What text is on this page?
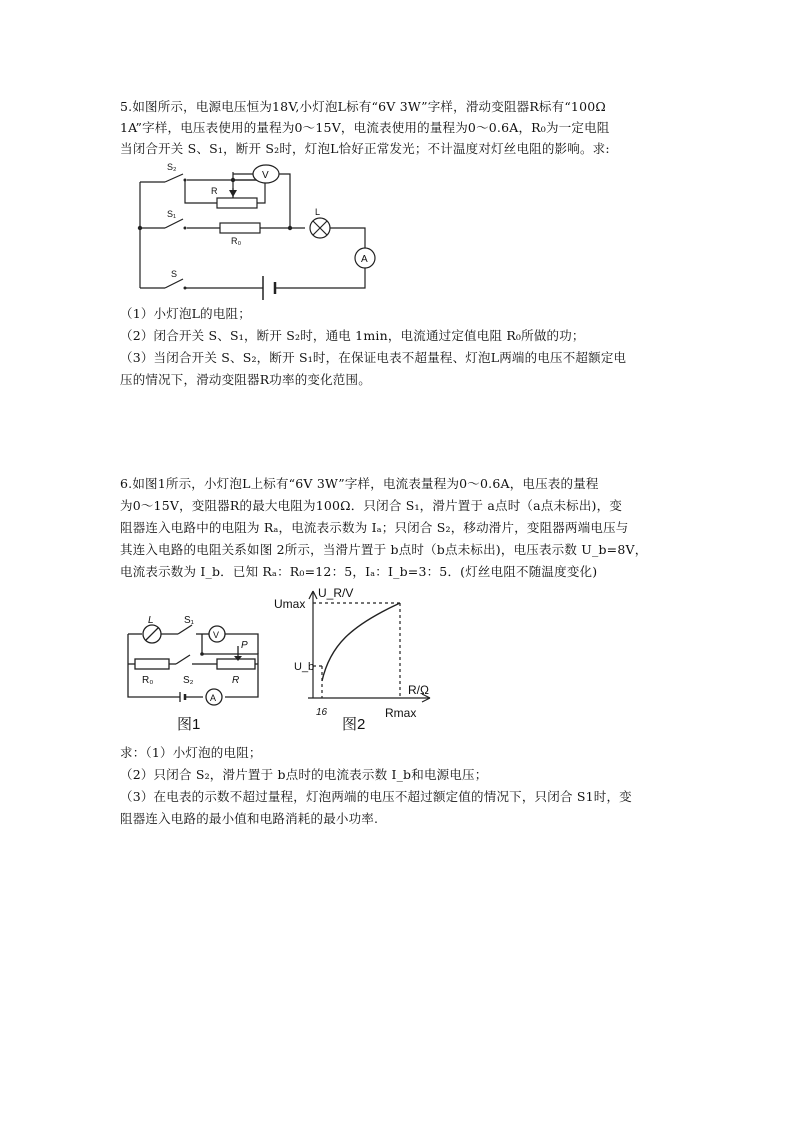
5.如图所示，电源电压恒为18V,小灯泡L标有“6V 3W”字样，滑动变阻器R标有“100Ω
1A”字样，电压表使用的量程为0～15V，电流表使用的量程为0～0.6A，R₀为一定电阻
当闭合开关 S、S₁，断开 S₂时，灯泡L恰好正常发光；不计温度对灯丝电阻的影响。求:
V
A
S₂
R
S₁
R₀
L
S
（1）小灯泡L的电阻；
（2）闭合开关 S、S₁，断开 S₂时，通电 1min，电流通过定值电阻 R₀所做的功；
（3）当闭合开关 S、S₂，断开 S₁时，在保证电表不超量程、灯泡L两端的电压不超额定电
压的情况下，滑动变阻器R功率的变化范围。
6.如图1所示，小灯泡L上标有“6V 3W”字样，电流表量程为0～0.6A，电压表的量程
为0～15V，变阻器R的最大电阻为100Ω．只闭合 S₁，滑片置于 a点时（a点未标出)，变
阻器连入电路中的电阻为 Rₐ，电流表示数为 Iₐ；只闭合 S₂，移动滑片，变阻器两端电压与
其连入电路的电阻关系如图 2所示，当滑片置于 b点时（b点未标出)，电压表示数 U_b=8V，
电流表示数为 I_b．已知 Rₐ：R₀=12：5，Iₐ：I_b=3：5．(灯丝电阻不随温度变化)
L	S₁
V
A
P
R₀	S₂	R
图1
U_R/V
Umax
U_b
R/Ω
16	Rmax
图2
求：（1）小灯泡的电阻；
（2）只闭合 S₂，滑片置于 b点时的电流表示数 I_b和电源电压；
（3）在电表的示数不超过量程，灯泡两端的电压不超过额定值的情况下，只闭合 S1时，变
阻器连入电路的最小值和电路消耗的最小功率.
